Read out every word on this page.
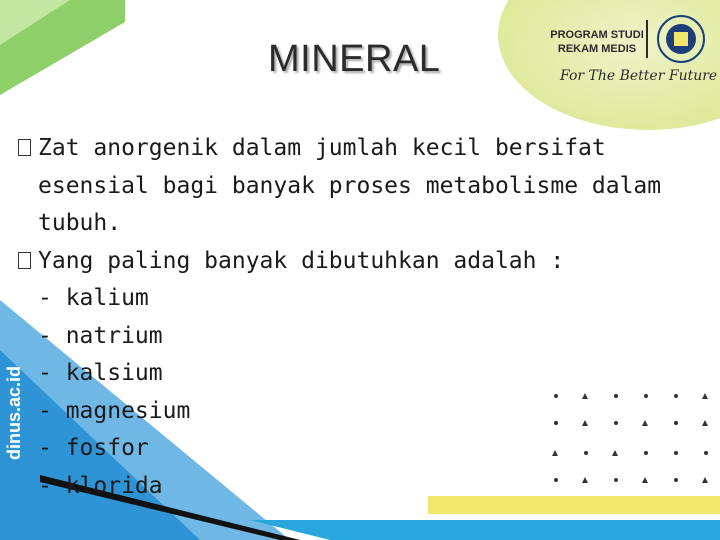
PROGRAM STUDI
REKAM MEDIS
For The Better Future
MINERAL
Zat anorgenik dalam jumlah kecil bersifat
esensial bagi banyak proses metabolisme dalam
tubuh.
Yang paling banyak dibutuhkan adalah :
- kalium
- natrium
- kalsium
- magnesium
- fosfor
- klorida
dinus.ac.id
